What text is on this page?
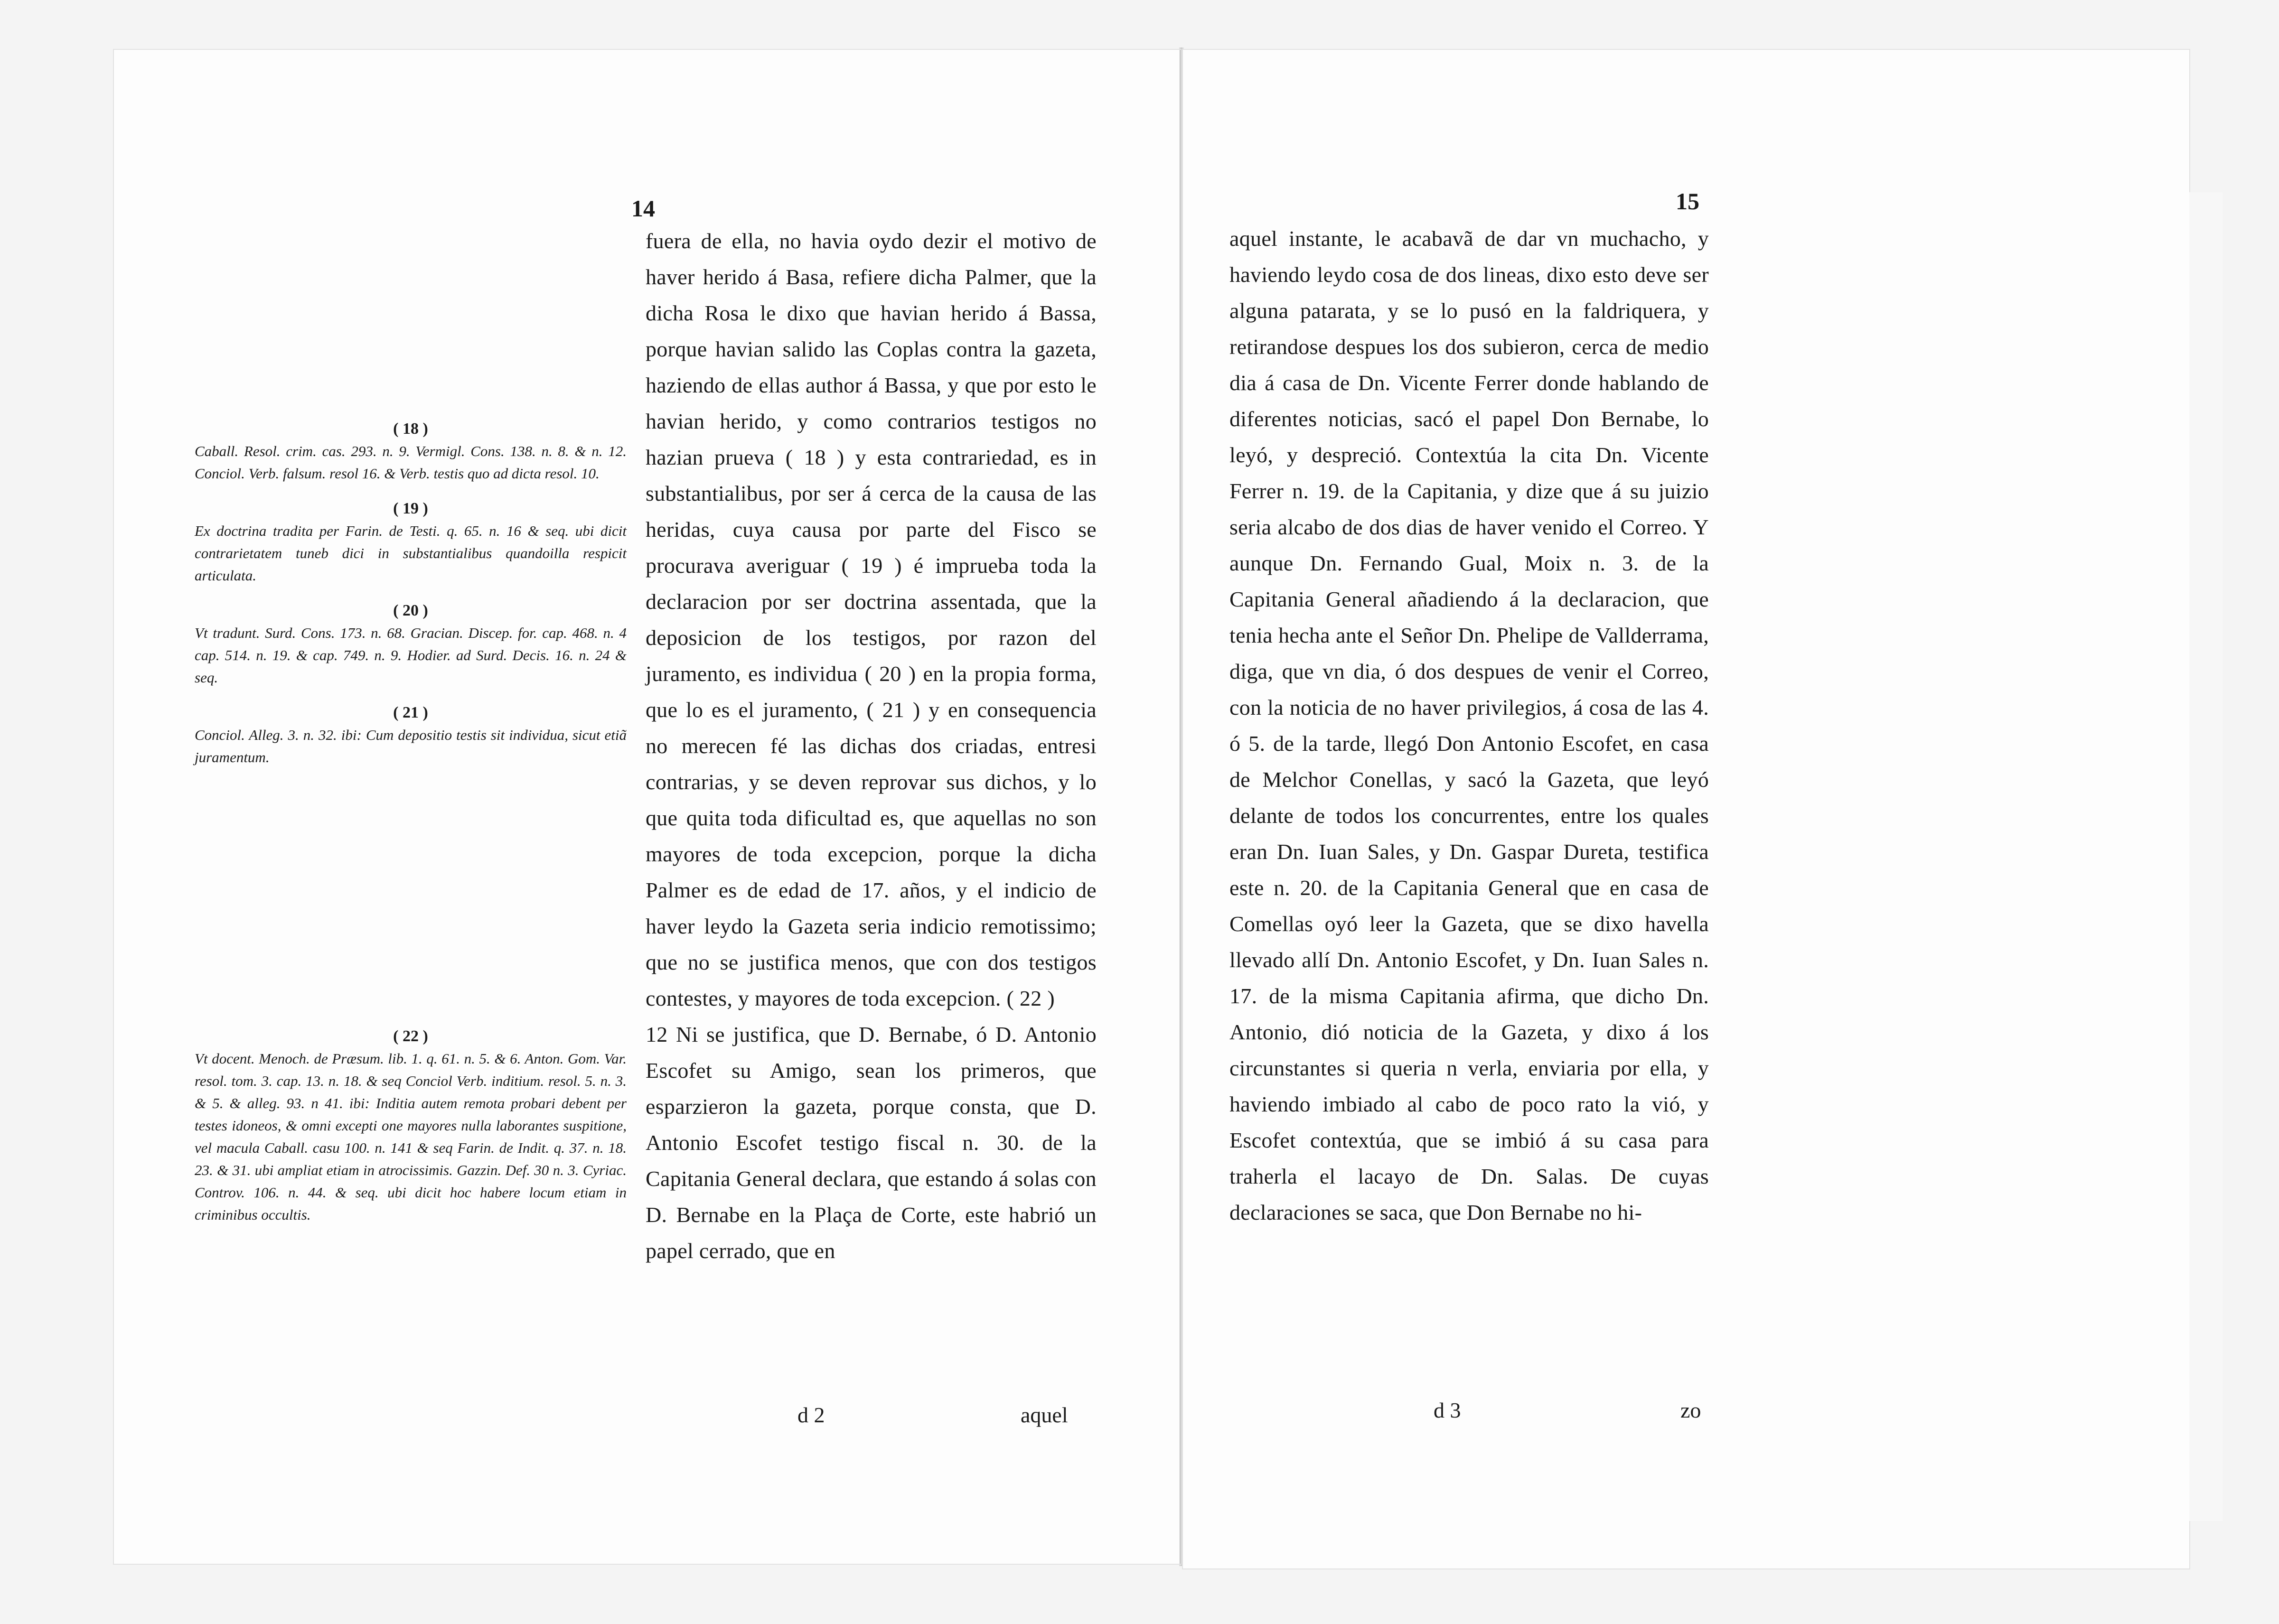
14
( 18 )
Caball. Resol. crim. cas. 293. n. 9. Vermigl. Cons. 138. n. 8. & n. 12. Conciol. Verb. falsum. resol 16. & Verb. testis quo ad dicta resol. 10.
( 19 )
Ex doctrina tradita per Farin. de Testi. q. 65. n. 16 & seq. ubi dicit contrarietatem tuneb dici in substantialibus quandoilla respicit articulata.
( 20 )
Vt tradunt. Surd. Cons. 173. n. 68. Gracian. Discep. for. cap. 468. n. 4 cap. 514. n. 19. & cap. 749. n. 9. Hodier. ad Surd. Decis. 16. n. 24 & seq.
( 21 )
Conciol. Alleg. 3. n. 32. ibi: Cum depositio testis sit individua, sicut etiã juramentum.
( 22 )
Vt docent. Menoch. de Præsum. lib. 1. q. 61. n. 5. & 6. Anton. Gom. Var. resol. tom. 3. cap. 13. n. 18. & seq Conciol Verb. inditium. resol. 5. n. 3. & 5. & alleg. 93. n 41. ibi: Inditia autem remota probari debent per testes idoneos, & omni excepti one mayores nulla laborantes suspitione, vel macula Caball. casu 100. n. 141 & seq Farin. de Indit. q. 37. n. 18. 23. & 31. ubi ampliat etiam in atrocissimis. Gazzin. Def. 30 n. 3. Cyriac. Controv. 106. n. 44. & seq. ubi dicit hoc habere locum etiam in criminibus occultis.

fuera de ella, no havia oydo dezir el motivo de haver herido á Basa, refiere dicha Palmer, que la dicha Rosa le dixo que havian herido á Bassa, porque havian salido las Coplas contra la gazeta, haziendo de ellas author á Bassa, y que por esto le havian herido, y como contrarios testigos no hazian prueva ( 18 ) y esta contrariedad, es in substantialibus, por ser á cerca de la causa de las heridas, cuya causa por parte del Fisco se procurava averiguar ( 19 ) é imprueba toda la declaracion por ser doctrina assentada, que la deposicion de los testigos, por razon del juramento, es individua ( 20 ) en la propia forma, que lo es el juramento, ( 21 ) y en consequencia no merecen fé las dichas dos criadas, entresi contrarias, y se deven reprovar sus dichos, y lo que quita toda dificultad es, que aquellas no son mayores de toda excepcion, porque la dicha Palmer es de edad de 17. años, y el indicio de haver leydo la Gazeta seria indicio remotissimo; que no se justifica menos, que con dos testigos contestes, y mayores de toda excepcion. ( 22 )

12 Ni se justifica, que D. Bernabe, ó D. Antonio Escofet su Amigo, sean los primeros, que esparzieron la gazeta, porque consta, que D. Antonio Escofet testigo fiscal n. 30. de la Capitania General declara, que estando á solas con D. Bernabe en la Plaça de Corte, este habrió un papel cerrado, que en

d 2	aquel
15

aquel instante, le acabavã de dar vn muchacho, y haviendo leydo cosa de dos lineas, dixo esto deve ser alguna patarata, y se lo pusó en la faldriquera, y retirandose despues los dos subieron, cerca de medio dia á casa de Dn. Vicente Ferrer donde hablando de diferentes noticias, sacó el papel Don Bernabe, lo leyó, y despreció. Contextúa la cita Dn. Vicente Ferrer n. 19. de la Capitania, y dize que á su juizio seria alcabo de dos dias de haver venido el Correo. Y aunque Dn. Fernando Gual, Moix n. 3. de la Capitania General añadiendo á la declaracion, que tenia hecha ante el Señor Dn. Phelipe de Vallderrama, diga, que vn dia, ó dos despues de venir el Correo, con la noticia de no haver privilegios, á cosa de las 4. ó 5. de la tarde, llegó Don Antonio Escofet, en casa de Melchor Conellas, y sacó la Gazeta, que leyó delante de todos los concurrentes, entre los quales eran Dn. Iuan Sales, y Dn. Gaspar Dureta, testifica este n. 20. de la Capitania General que en casa de Comellas oyó leer la Gazeta, que se dixo havella llevado allí Dn. Antonio Escofet, y Dn. Iuan Sales n. 17. de la misma Capitania afirma, que dicho Dn. Antonio, dió noticia de la Gazeta, y dixo á los circunstantes si queria n verla, enviaria por ella, y haviendo imbiado al cabo de poco rato la vió, y Escofet contextúa, que se imbió á su casa para traherla el lacayo de Dn. Salas. De cuyas declaraciones se saca, que Don Bernabe no hi-

d 3	zo
